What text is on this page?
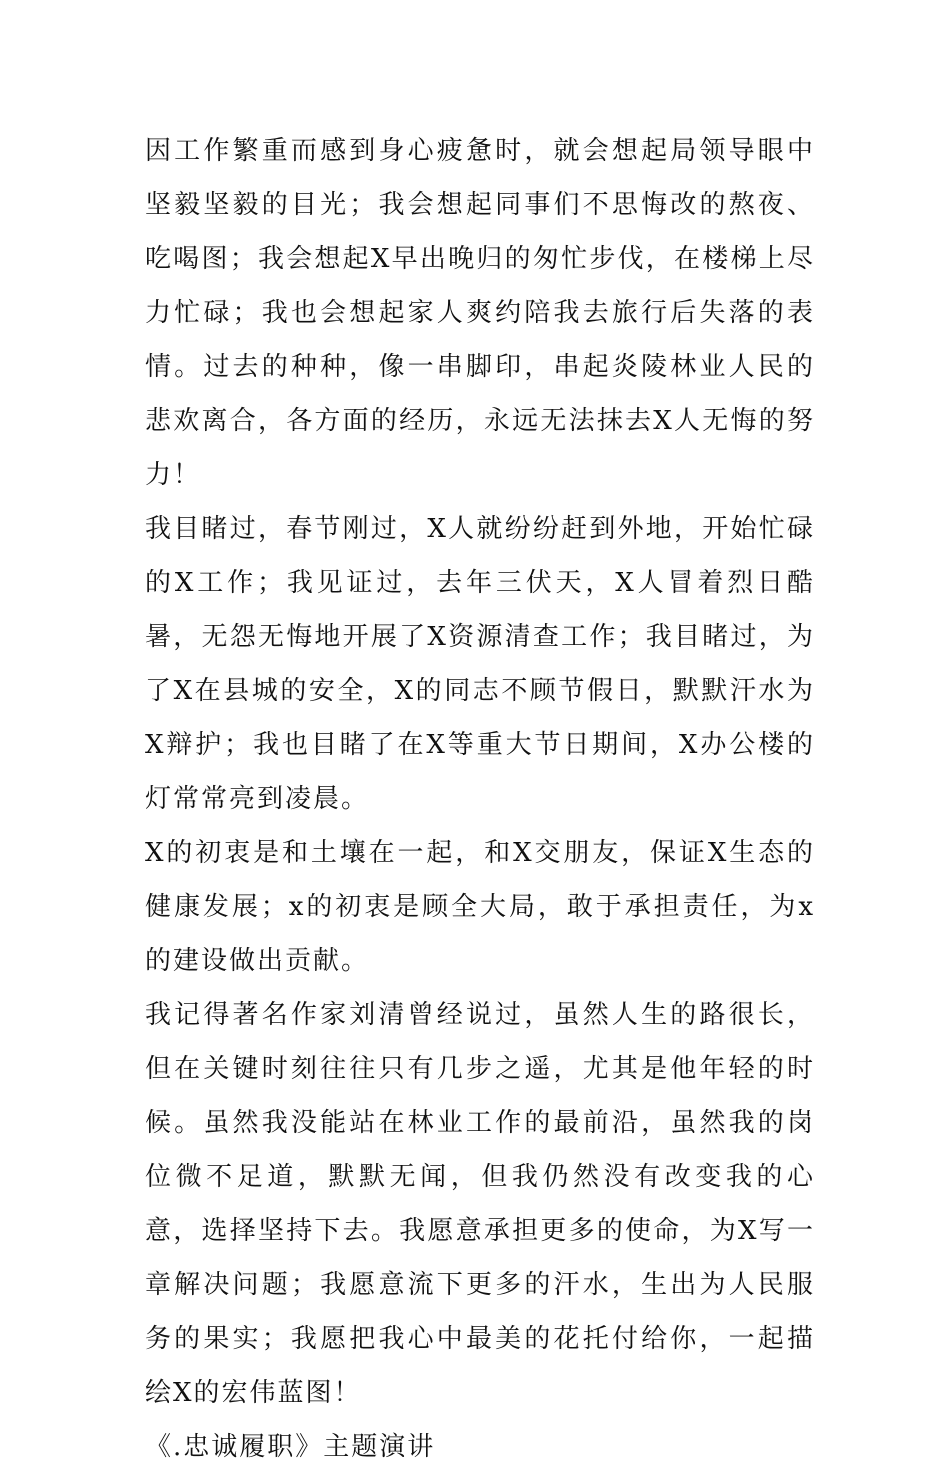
因工作繁重而感到身心疲惫时，就会想起局领导眼中坚毅坚毅的目光；我会想起同事们不思悔改的熬夜、吃喝图；我会想起X早出晚归的匆忙步伐，在楼梯上尽力忙碌；我也会想起家人爽约陪我去旅行后失落的表情。过去的种种，像一串脚印，串起炎陵林业人民的悲欢离合，各方面的经历，永远无法抹去X人无悔的努力！

我目睹过，春节刚过，X人就纷纷赶到外地，开始忙碌的X工作；我见证过，去年三伏天，X人冒着烈日酷暑，无怨无悔地开展了X资源清查工作；我目睹过，为了X在县城的安全，X的同志不顾节假日，默默汗水为X辩护；我也目睹了在X等重大节日期间，X办公楼的灯常常亮到凌晨。

X的初衷是和土壤在一起，和X交朋友，保证X生态的健康发展；x的初衷是顾全大局，敢于承担责任，为x的建设做出贡献。

我记得著名作家刘清曾经说过，虽然人生的路很长，但在关键时刻往往只有几步之遥，尤其是他年轻的时候。虽然我没能站在林业工作的最前沿，虽然我的岗位微不足道，默默无闻，但我仍然没有改变我的心意，选择坚持下去。我愿意承担更多的使命，为X写一章解决问题；我愿意流下更多的汗水，生出为人民服务的果实；我愿把我心中最美的花托付给你，一起描绘X的宏伟蓝图！

《.忠诚履职》主题演讲
